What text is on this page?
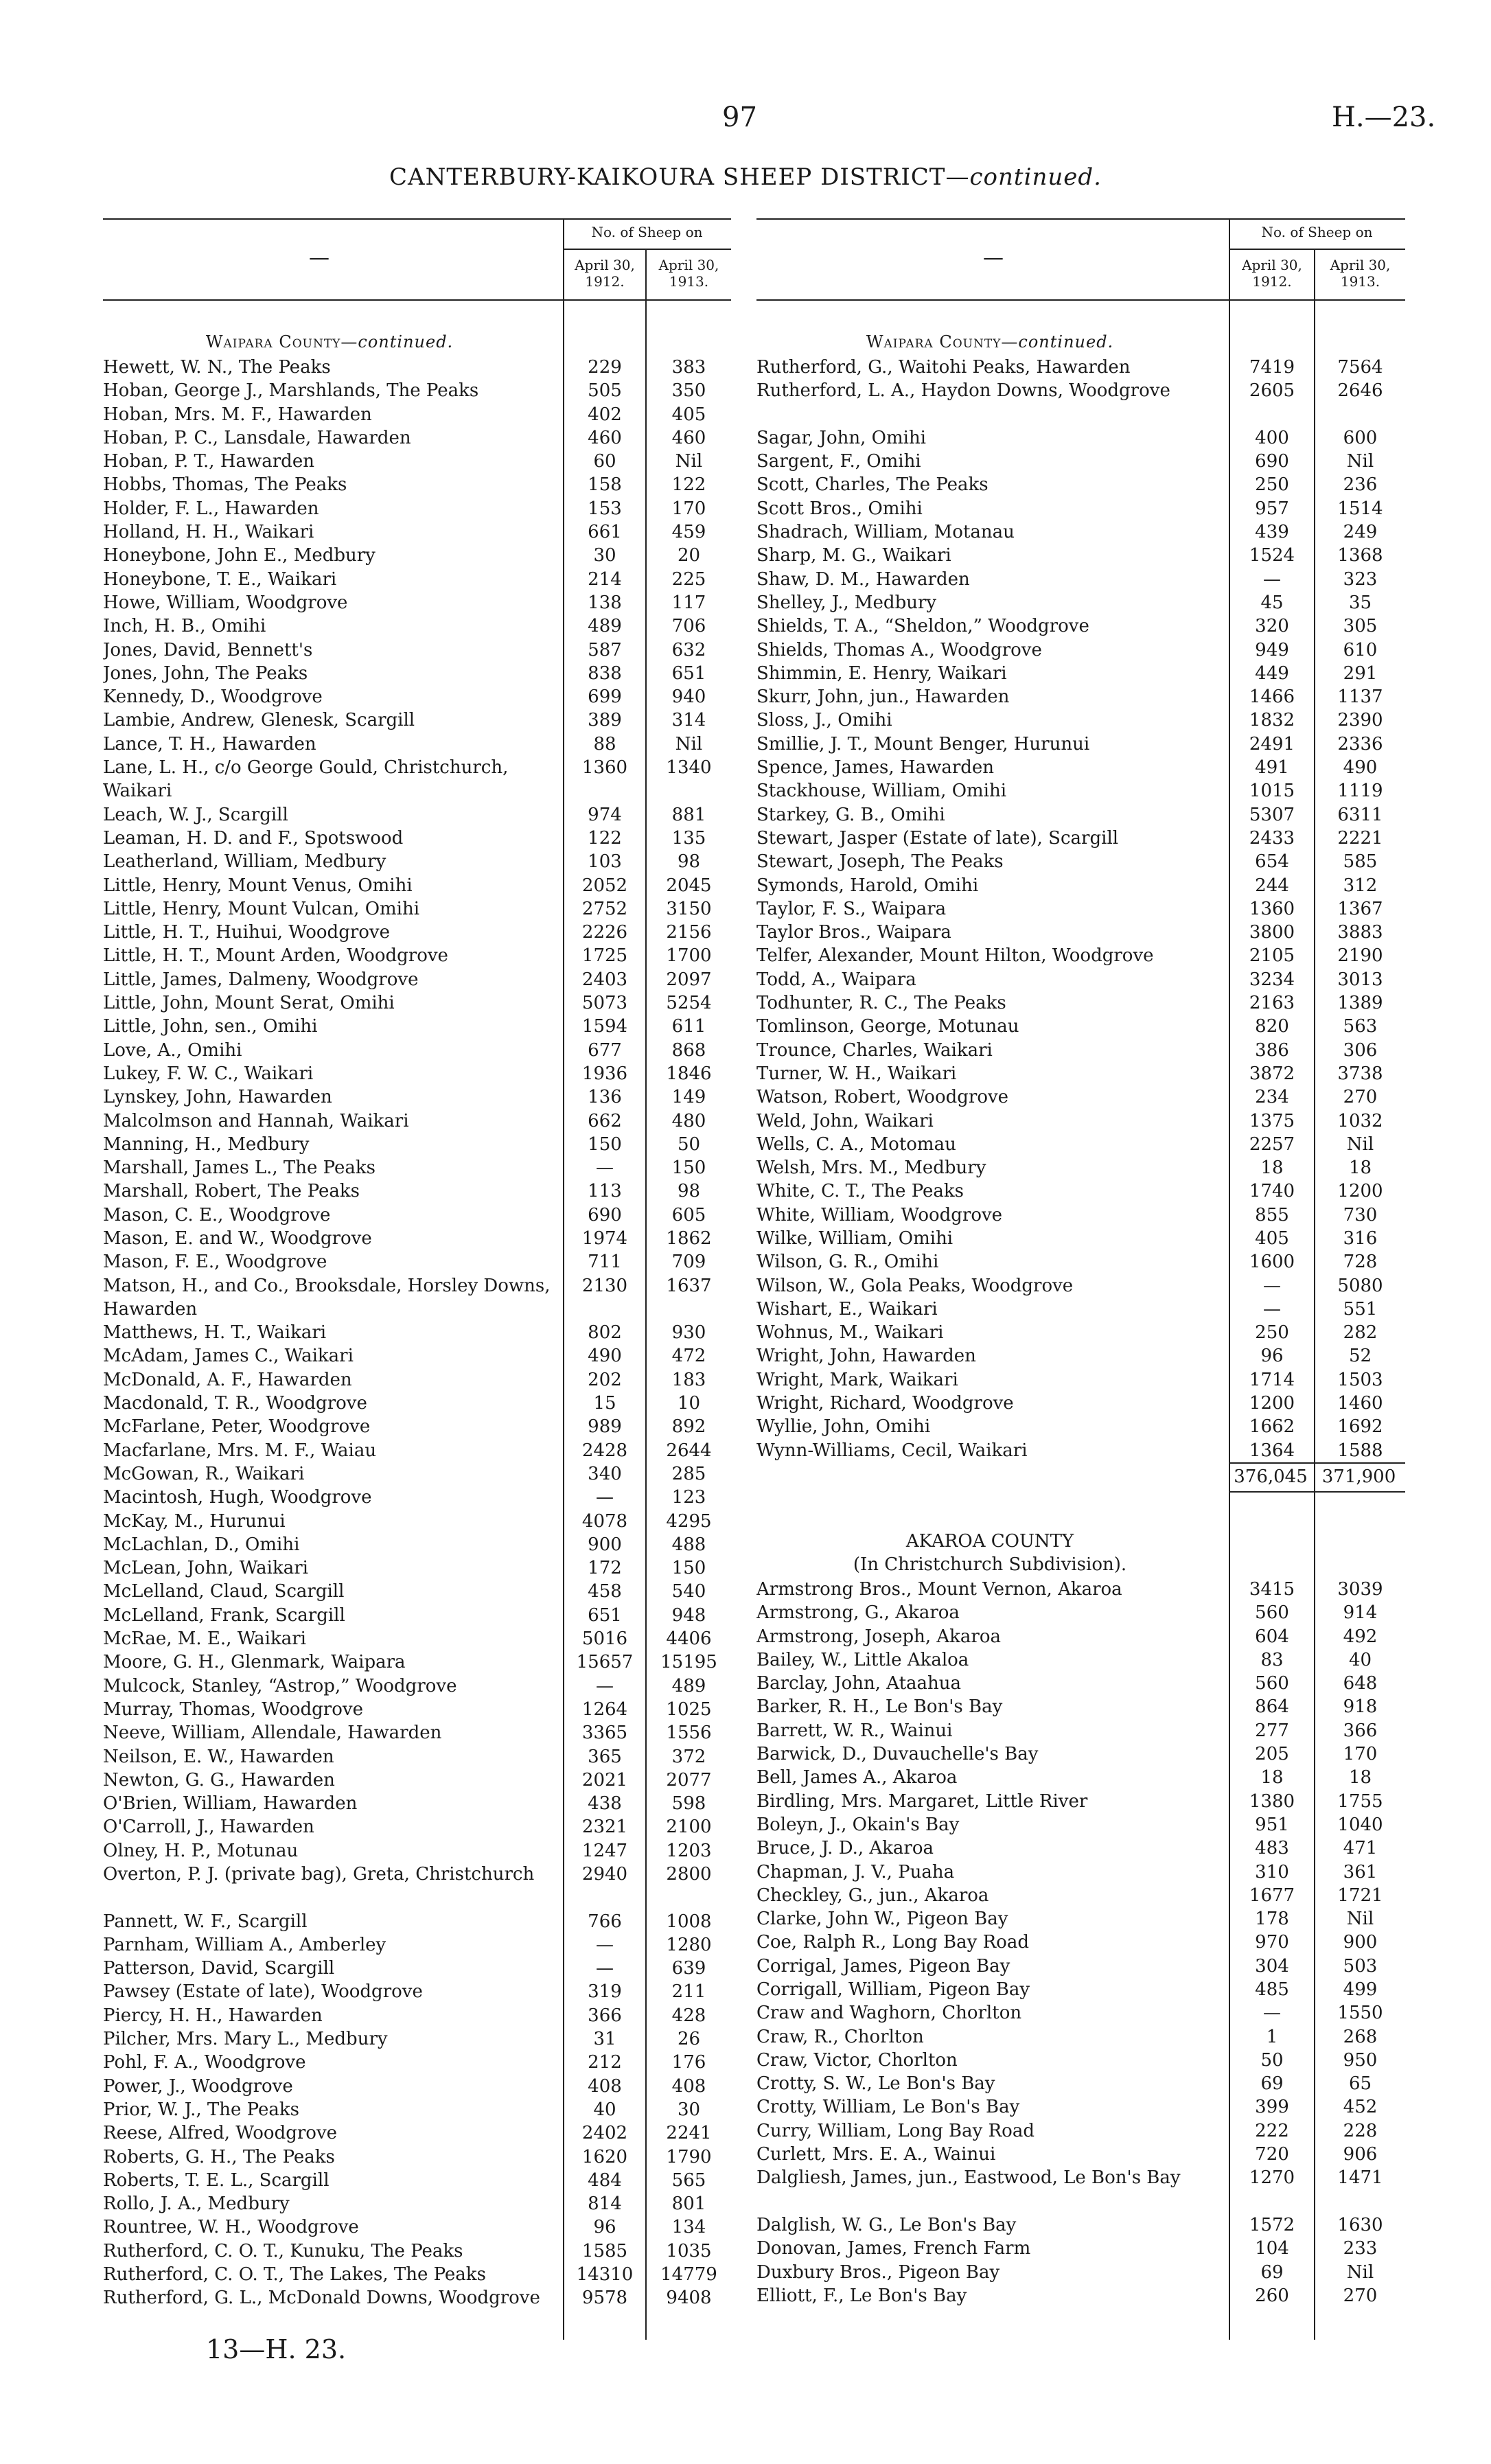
97	H.—23.
CANTERBURY-KAIKOURA SHEEP DISTRICT—continued.
—
No. of Sheep on
April 30,
1912.
April 30,
1913.
Waipara County—continued.
Hewett, W. N., The Peaks	229	383
Hoban, George J., Marshlands, The Peaks	505	350
Hoban, Mrs. M. F., Hawarden	402	405
Hoban, P. C., Lansdale, Hawarden	460	460
Hoban, P. T., Hawarden	60	Nil
Hobbs, Thomas, The Peaks	158	122
Holder, F. L., Hawarden	153	170
Holland, H. H., Waikari	661	459
Honeybone, John E., Medbury	30	20
Honeybone, T. E., Waikari	214	225
Howe, William, Woodgrove	138	117
Inch, H. B., Omihi	489	706
Jones, David, Bennett's	587	632
Jones, John, The Peaks	838	651
Kennedy, D., Woodgrove	699	940
Lambie, Andrew, Glenesk, Scargill	389	314
Lance, T. H., Hawarden	88	Nil
Lane, L. H., c/o George Gould, Christchurch, Waikari
1360	1340
Leach, W. J., Scargill	974	881
Leaman, H. D. and F., Spotswood	122	135
Leatherland, William, Medbury	103	98
Little, Henry, Mount Venus, Omihi	2052	2045
Little, Henry, Mount Vulcan, Omihi	2752	3150
Little, H. T., Huihui, Woodgrove	2226	2156
Little, H. T., Mount Arden, Woodgrove	1725	1700
Little, James, Dalmeny, Woodgrove	2403	2097
Little, John, Mount Serat, Omihi	5073	5254
Little, John, sen., Omihi	1594	611
Love, A., Omihi	677	868
Lukey, F. W. C., Waikari	1936	1846
Lynskey, John, Hawarden	136	149
Malcolmson and Hannah, Waikari	662	480
Manning, H., Medbury	150	50
Marshall, James L., The Peaks	—	150
Marshall, Robert, The Peaks	113	98
Mason, C. E., Woodgrove	690	605
Mason, E. and W., Woodgrove	1974	1862
Mason, F. E., Woodgrove	711	709
Matson, H., and Co., Brooksdale, Horsley Downs, Hawarden
2130	1637
Matthews, H. T., Waikari	802	930
McAdam, James C., Waikari	490	472
McDonald, A. F., Hawarden	202	183
Macdonald, T. R., Woodgrove	15	10
McFarlane, Peter, Woodgrove	989	892
Macfarlane, Mrs. M. F., Waiau	2428	2644
McGowan, R., Waikari	340	285
Macintosh, Hugh, Woodgrove	—	123
McKay, M., Hurunui	4078	4295
McLachlan, D., Omihi	900	488
McLean, John, Waikari	172	150
McLelland, Claud, Scargill	458	540
McLelland, Frank, Scargill	651	948
McRae, M. E., Waikari	5016	4406
Moore, G. H., Glenmark, Waipara	15657	15195
Mulcock, Stanley, “Astrop,” Woodgrove	—	489
Murray, Thomas, Woodgrove	1264	1025
Neeve, William, Allendale, Hawarden	3365	1556
Neilson, E. W., Hawarden	365	372
Newton, G. G., Hawarden	2021	2077
O'Brien, William, Hawarden	438	598
O'Carroll, J., Hawarden	2321	2100
Olney, H. P., Motunau	1247	1203
Overton, P. J. (private bag), Greta, Christchurch	2940	2800
Pannett, W. F., Scargill	766	1008
Parnham, William A., Amberley	—	1280
Patterson, David, Scargill	—	639
Pawsey (Estate of late), Woodgrove	319	211
Piercy, H. H., Hawarden	366	428
Pilcher, Mrs. Mary L., Medbury	31	26
Pohl, F. A., Woodgrove	212	176
Power, J., Woodgrove	408	408
Prior, W. J., The Peaks	40	30
Reese, Alfred, Woodgrove	2402	2241
Roberts, G. H., The Peaks	1620	1790
Roberts, T. E. L., Scargill	484	565
Rollo, J. A., Medbury	814	801
Rountree, W. H., Woodgrove	96	134
Rutherford, C. O. T., Kunuku, The Peaks	1585	1035
Rutherford, C. O. T., The Lakes, The Peaks	14310	14779
Rutherford, G. L., McDonald Downs, Woodgrove	9578	9408
—
No. of Sheep on
April 30,
1912.
April 30,
1913.
Waipara County—continued.
Rutherford, G., Waitohi Peaks, Hawarden	7419	7564
Rutherford, L. A., Haydon Downs, Woodgrove	2605	2646
Sagar, John, Omihi	400	600
Sargent, F., Omihi	690	Nil
Scott, Charles, The Peaks	250	236
Scott Bros., Omihi	957	1514
Shadrach, William, Motanau	439	249
Sharp, M. G., Waikari	1524	1368
Shaw, D. M., Hawarden	—	323
Shelley, J., Medbury	45	35
Shields, T. A., “Sheldon,” Woodgrove	320	305
Shields, Thomas A., Woodgrove	949	610
Shimmin, E. Henry, Waikari	449	291
Skurr, John, jun., Hawarden	1466	1137
Sloss, J., Omihi	1832	2390
Smillie, J. T., Mount Benger, Hurunui	2491	2336
Spence, James, Hawarden	491	490
Stackhouse, William, Omihi	1015	1119
Starkey, G. B., Omihi	5307	6311
Stewart, Jasper (Estate of late), Scargill	2433	2221
Stewart, Joseph, The Peaks	654	585
Symonds, Harold, Omihi	244	312
Taylor, F. S., Waipara	1360	1367
Taylor Bros., Waipara	3800	3883
Telfer, Alexander, Mount Hilton, Woodgrove	2105	2190
Todd, A., Waipara	3234	3013
Todhunter, R. C., The Peaks	2163	1389
Tomlinson, George, Motunau	820	563
Trounce, Charles, Waikari	386	306
Turner, W. H., Waikari	3872	3738
Watson, Robert, Woodgrove	234	270
Weld, John, Waikari	1375	1032
Wells, C. A., Motomau	2257	Nil
Welsh, Mrs. M., Medbury	18	18
White, C. T., The Peaks	1740	1200
White, William, Woodgrove	855	730
Wilke, William, Omihi	405	316
Wilson, G. R., Omihi	1600	728
Wilson, W., Gola Peaks, Woodgrove	—	5080
Wishart, E., Waikari	—	551
Wohnus, M., Waikari	250	282
Wright, John, Hawarden	96	52
Wright, Mark, Waikari	1714	1503
Wright, Richard, Woodgrove	1200	1460
Wyllie, John, Omihi	1662	1692
Wynn-Williams, Cecil, Waikari	1364	1588
376,045 371,900
AKAROA COUNTY
(In Christchurch Subdivision).
Armstrong Bros., Mount Vernon, Akaroa	3415	3039
Armstrong, G., Akaroa	560	914
Armstrong, Joseph, Akaroa	604	492
Bailey, W., Little Akaloa	83	40
Barclay, John, Ataahua	560	648
Barker, R. H., Le Bon's Bay	864	918
Barrett, W. R., Wainui	277	366
Barwick, D., Duvauchelle's Bay	205	170
Bell, James A., Akaroa	18	18
Birdling, Mrs. Margaret, Little River	1380	1755
Boleyn, J., Okain's Bay	951	1040
Bruce, J. D., Akaroa	483	471
Chapman, J. V., Puaha	310	361
Checkley, G., jun., Akaroa	1677	1721
Clarke, John W., Pigeon Bay	178	Nil
Coe, Ralph R., Long Bay Road	970	900
Corrigal, James, Pigeon Bay	304	503
Corrigall, William, Pigeon Bay	485	499
Craw and Waghorn, Chorlton	—	1550
Craw, R., Chorlton	1	268
Craw, Victor, Chorlton	50	950
Crotty, S. W., Le Bon's Bay	69	65
Crotty, William, Le Bon's Bay	399	452
Curry, William, Long Bay Road	222	228
Curlett, Mrs. E. A., Wainui	720	906
Dalgliesh, James, jun., Eastwood, Le Bon's Bay	1270	1471
Dalglish, W. G., Le Bon's Bay	1572	1630
Donovan, James, French Farm	104	233
Duxbury Bros., Pigeon Bay	69	Nil
Elliott, F., Le Bon's Bay	260	270
13—H. 23.
